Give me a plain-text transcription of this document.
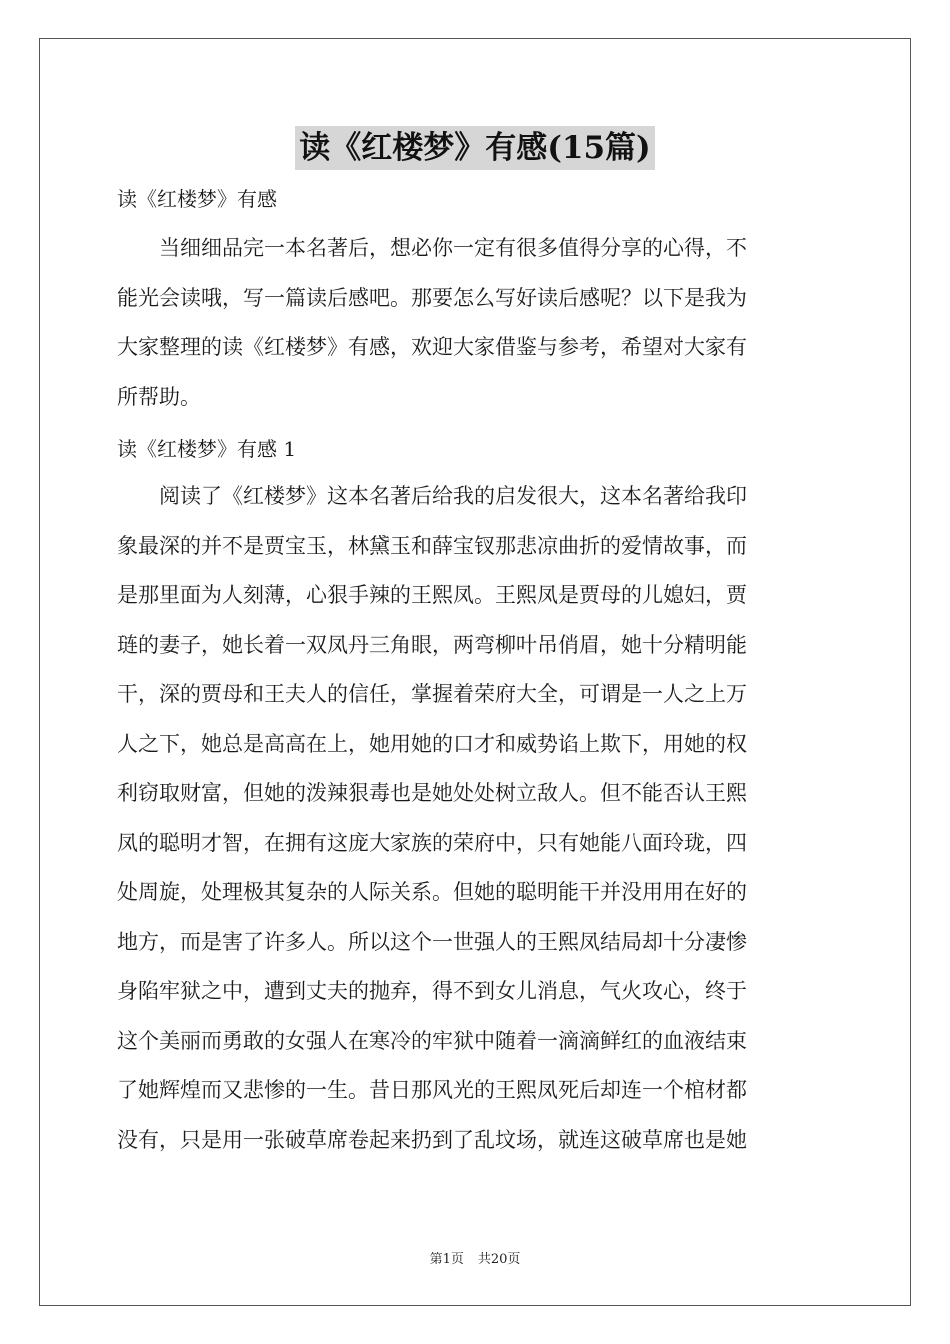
读《红楼梦》有感(15篇)
读《红楼梦》有感
　　当细细品完一本名著后，想必你一定有很多值得分享的心得，不
能光会读哦，写一篇读后感吧。那要怎么写好读后感呢？以下是我为
大家整理的读《红楼梦》有感，欢迎大家借鉴与参考，希望对大家有
所帮助。
读《红楼梦》有感 1
　　阅读了《红楼梦》这本名著后给我的启发很大，这本名著给我印
象最深的并不是贾宝玉，林黛玉和薛宝钗那悲凉曲折的爱情故事，而
是那里面为人刻薄，心狠手辣的王熙凤。王熙凤是贾母的儿媳妇，贾
琏的妻子，她长着一双凤丹三角眼，两弯柳叶吊俏眉，她十分精明能
干，深的贾母和王夫人的信任，掌握着荣府大全，可谓是一人之上万
人之下，她总是高高在上，她用她的口才和威势谄上欺下，用她的权
利窃取财富，但她的泼辣狠毒也是她处处树立敌人。但不能否认王熙
凤的聪明才智，在拥有这庞大家族的荣府中，只有她能八面玲珑，四
处周旋，处理极其复杂的人际关系。但她的聪明能干并没用用在好的
地方，而是害了许多人。所以这个一世强人的王熙凤结局却十分凄惨
身陷牢狱之中，遭到丈夫的抛弃，得不到女儿消息，气火攻心，终于
这个美丽而勇敢的女强人在寒冷的牢狱中随着一滴滴鲜红的血液结束
了她辉煌而又悲惨的一生。昔日那风光的王熙凤死后却连一个棺材都
没有，只是用一张破草席卷起来扔到了乱坟场，就连这破草席也是她
第1页 共20页
